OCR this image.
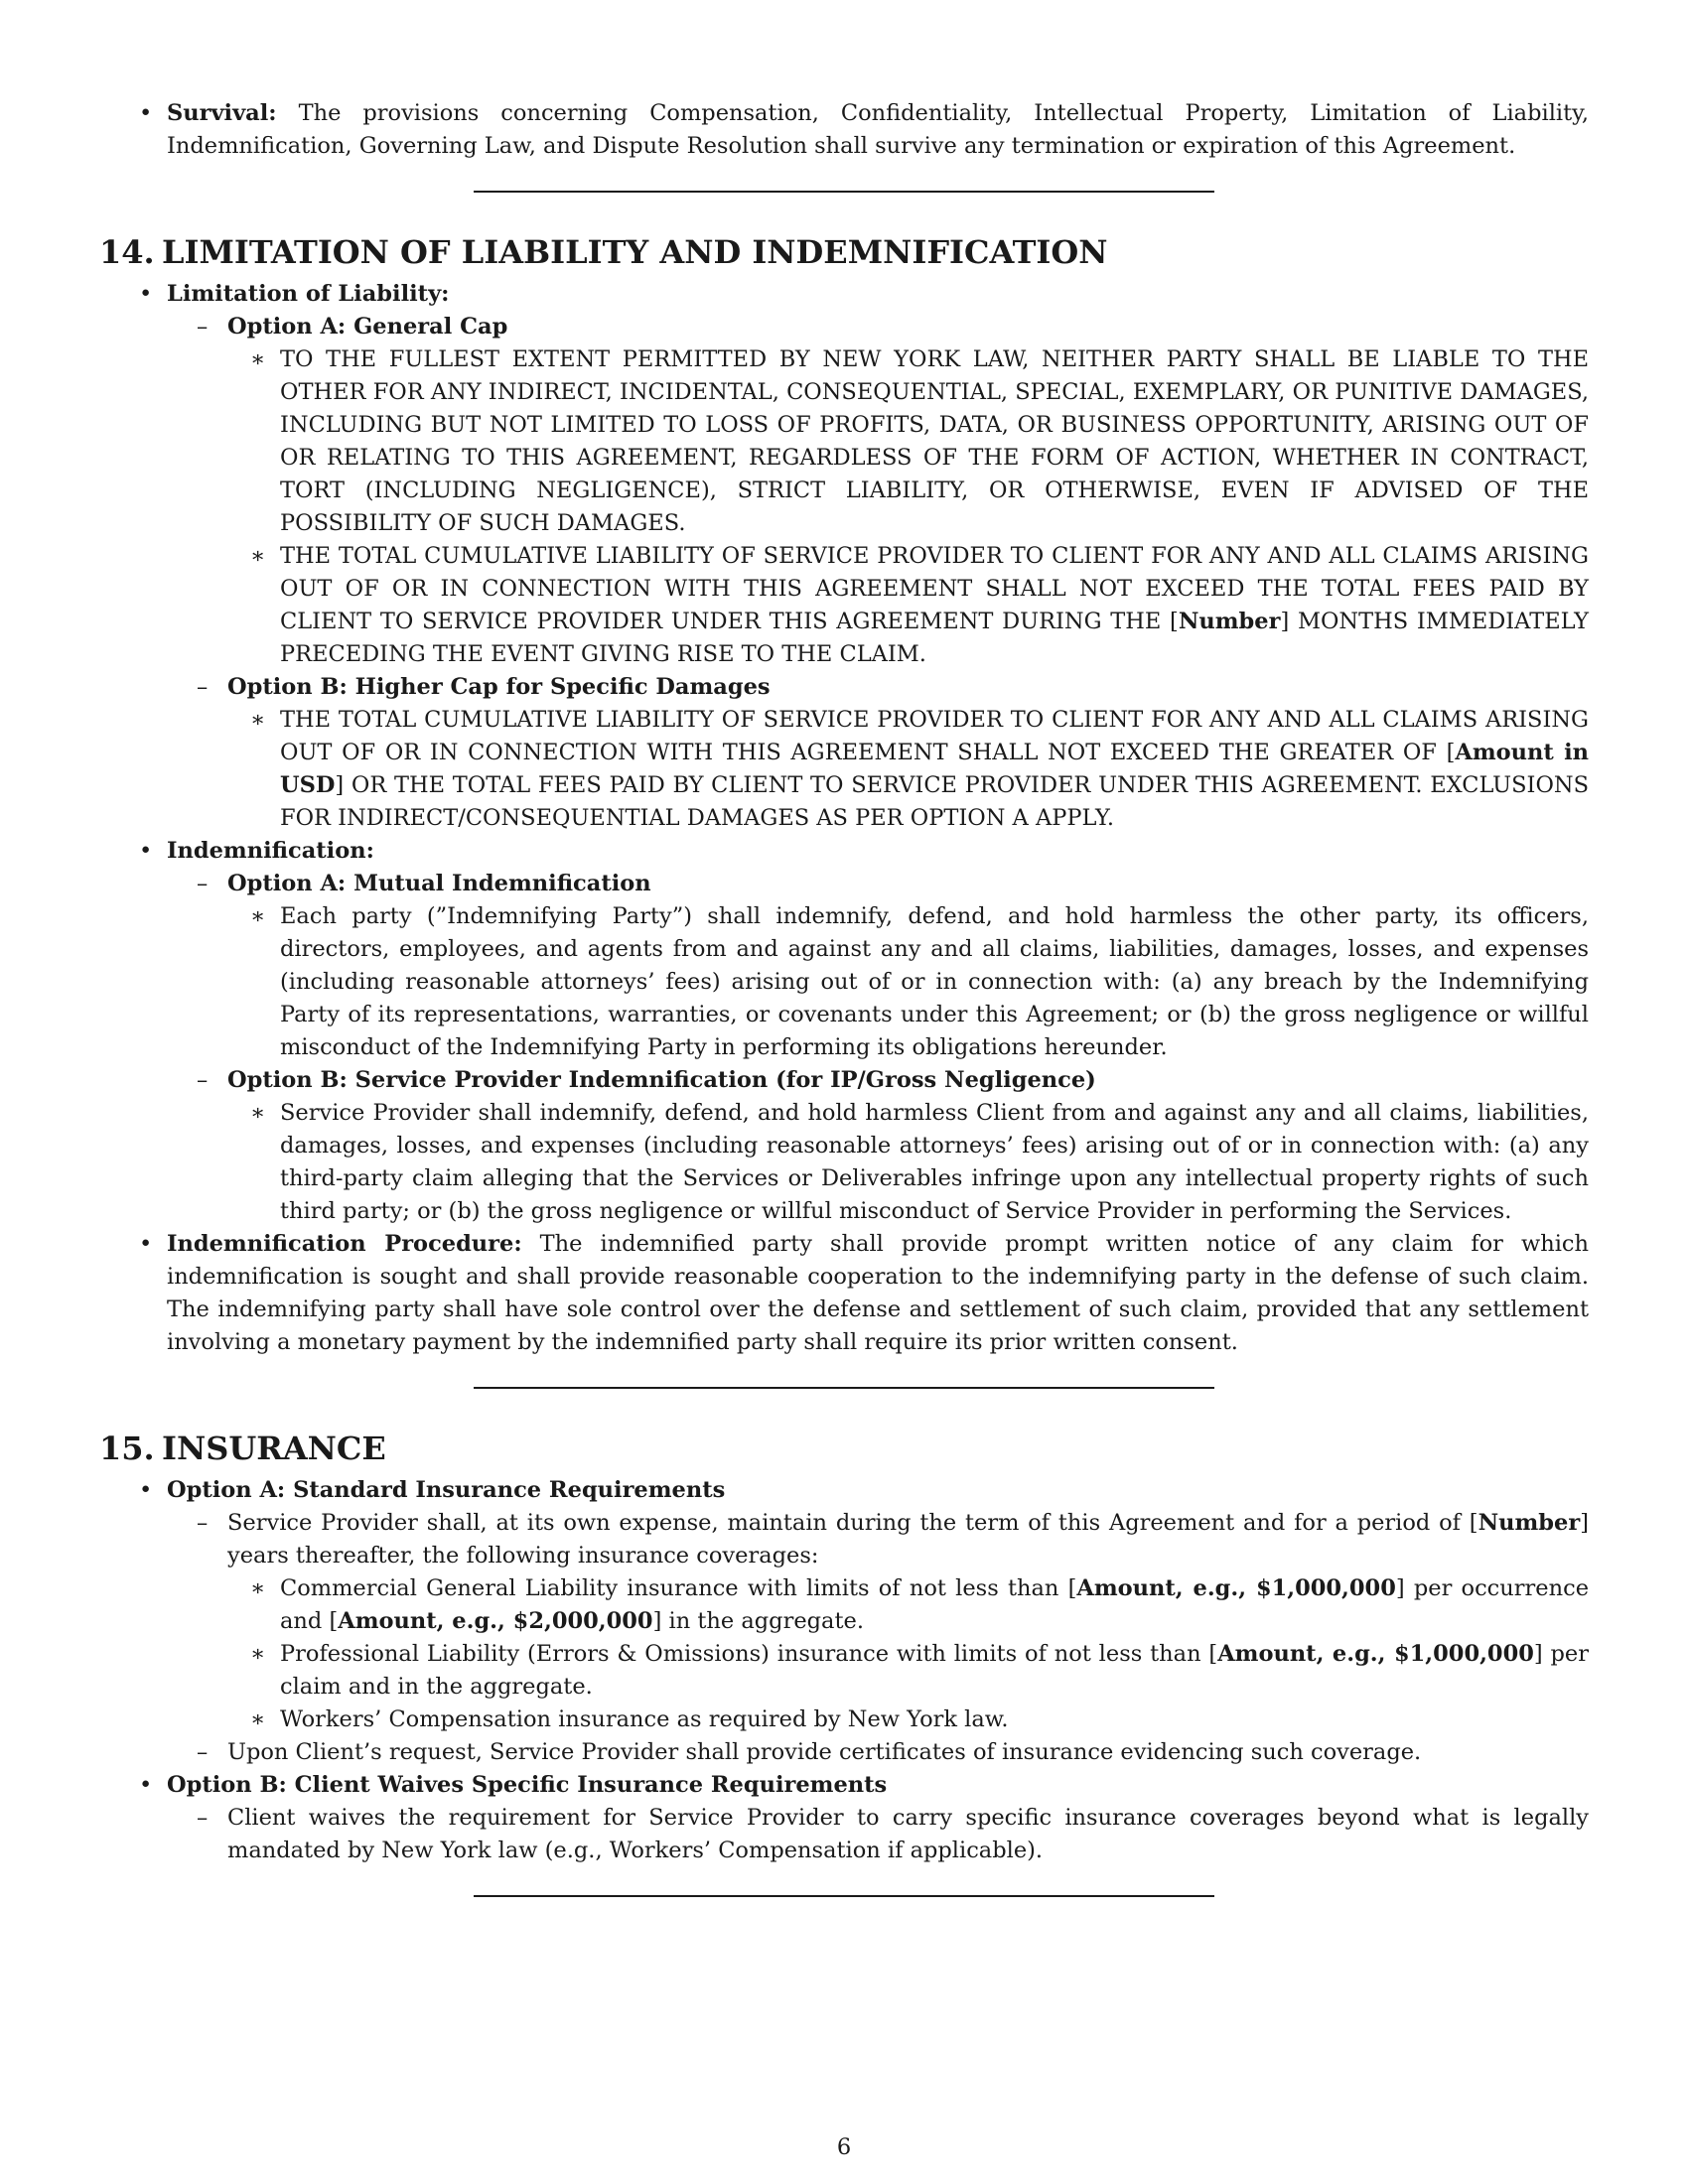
• Survival: The provisions concerning Compensation, Confidentiality, Intellectual Property, Limitation of Liability, Indemnification, Governing Law, and Dispute Resolution shall survive any termination or expiration of this Agreement.
14. LIMITATION OF LIABILITY AND INDEMNIFICATION
• Limitation of Liability:
– Option A: General Cap
∗ TO THE FULLEST EXTENT PERMITTED BY NEW YORK LAW, NEITHER PARTY SHALL BE LIABLE TO THE OTHER FOR ANY INDIRECT, INCIDENTAL, CONSEQUENTIAL, SPECIAL, EXEMPLARY, OR PUNITIVE DAMAGES, INCLUDING BUT NOT LIMITED TO LOSS OF PROFITS, DATA, OR BUSINESS OPPORTUNITY, ARISING OUT OF OR RELATING TO THIS AGREEMENT, REGARDLESS OF THE FORM OF ACTION, WHETHER IN CONTRACT, TORT (INCLUDING NEGLIGENCE), STRICT LIABILITY, OR OTHERWISE, EVEN IF ADVISED OF THE POSSIBILITY OF SUCH DAMAGES.
∗ THE TOTAL CUMULATIVE LIABILITY OF SERVICE PROVIDER TO CLIENT FOR ANY AND ALL CLAIMS ARISING OUT OF OR IN CONNECTION WITH THIS AGREEMENT SHALL NOT EXCEED THE TOTAL FEES PAID BY CLIENT TO SERVICE PROVIDER UNDER THIS AGREEMENT DURING THE [Number] MONTHS IMMEDIATELY PRECEDING THE EVENT GIVING RISE TO THE CLAIM.
– Option B: Higher Cap for Specific Damages
∗ THE TOTAL CUMULATIVE LIABILITY OF SERVICE PROVIDER TO CLIENT FOR ANY AND ALL CLAIMS ARISING OUT OF OR IN CONNECTION WITH THIS AGREEMENT SHALL NOT EXCEED THE GREATER OF [Amount in USD] OR THE TOTAL FEES PAID BY CLIENT TO SERVICE PROVIDER UNDER THIS AGREEMENT. EXCLUSIONS FOR INDIRECT/CONSEQUENTIAL DAMAGES AS PER OPTION A APPLY.
• Indemnification:
– Option A: Mutual Indemnification
∗ Each party (”Indemnifying Party”) shall indemnify, defend, and hold harmless the other party, its officers, directors, employees, and agents from and against any and all claims, liabilities, damages, losses, and expenses (including reasonable attorneys’ fees) arising out of or in connection with: (a) any breach by the Indemnifying Party of its representations, warranties, or covenants under this Agreement; or (b) the gross negligence or willful misconduct of the Indemnifying Party in performing its obligations hereunder.
– Option B: Service Provider Indemnification (for IP/Gross Negligence)
∗ Service Provider shall indemnify, defend, and hold harmless Client from and against any and all claims, liabilities, damages, losses, and expenses (including reasonable attorneys’ fees) arising out of or in connection with: (a) any third-party claim alleging that the Services or Deliverables infringe upon any intellectual property rights of such third party; or (b) the gross negligence or willful misconduct of Service Provider in performing the Services.
• Indemnification Procedure: The indemnified party shall provide prompt written notice of any claim for which indemnification is sought and shall provide reasonable cooperation to the indemnifying party in the defense of such claim. The indemnifying party shall have sole control over the defense and settlement of such claim, provided that any settlement involving a monetary payment by the indemnified party shall require its prior written consent.
15. INSURANCE
• Option A: Standard Insurance Requirements
– Service Provider shall, at its own expense, maintain during the term of this Agreement and for a period of [Number] years thereafter, the following insurance coverages:
∗ Commercial General Liability insurance with limits of not less than [Amount, e.g., $1,000,000] per occurrence and [Amount, e.g., $2,000,000] in the aggregate.
∗ Professional Liability (Errors & Omissions) insurance with limits of not less than [Amount, e.g., $1,000,000] per claim and in the aggregate.
∗ Workers’ Compensation insurance as required by New York law.
– Upon Client’s request, Service Provider shall provide certificates of insurance evidencing such coverage.
• Option B: Client Waives Specific Insurance Requirements
– Client waives the requirement for Service Provider to carry specific insurance coverages beyond what is legally mandated by New York law (e.g., Workers’ Compensation if applicable).
6
